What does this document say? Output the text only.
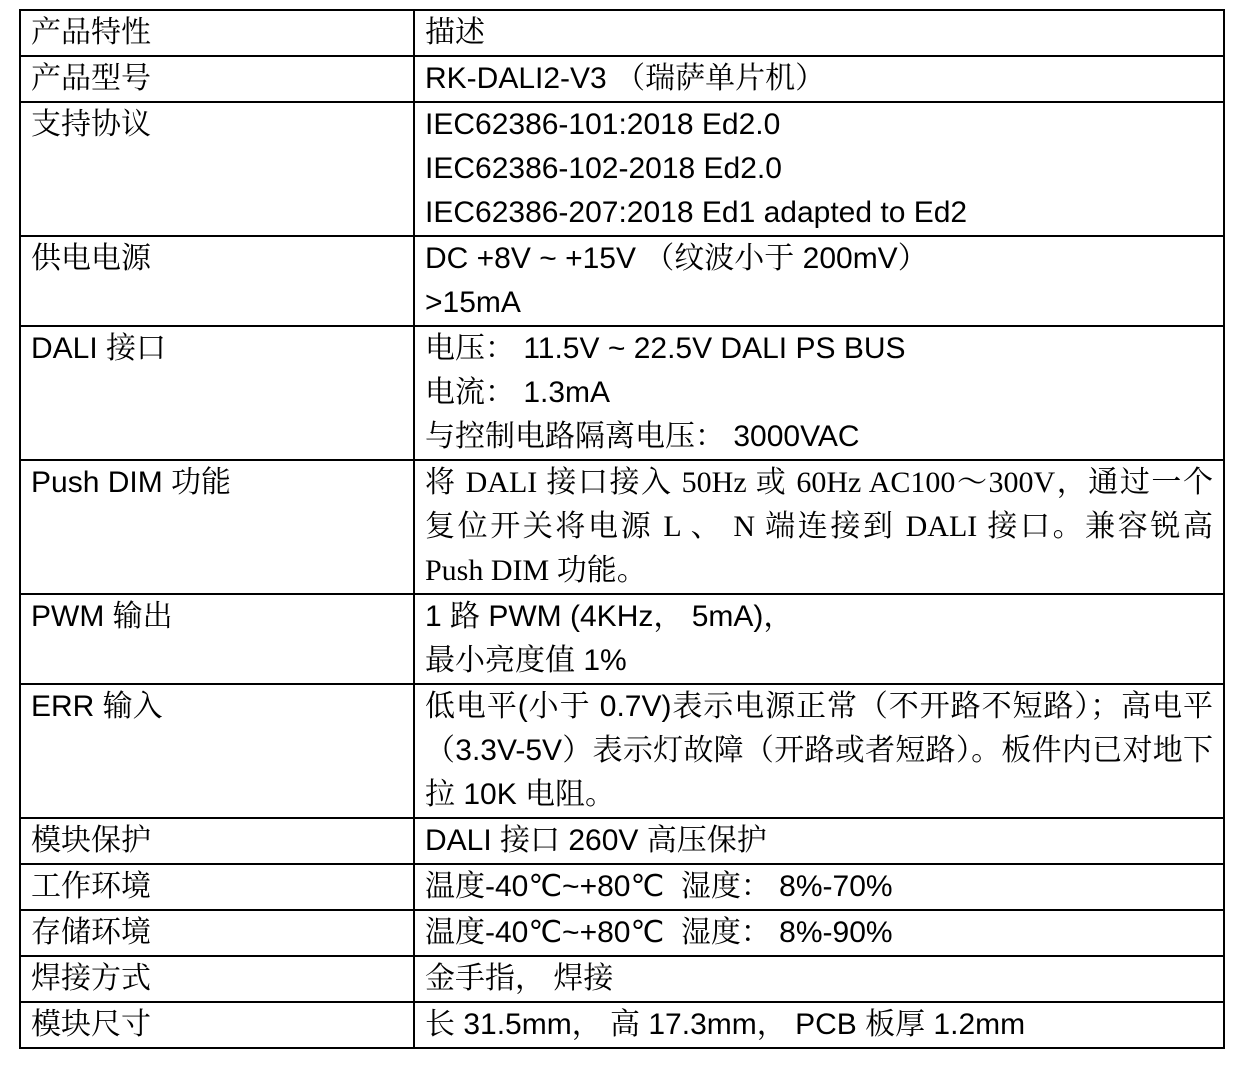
产品特性	描述
产品型号	RK-DALI2-V3 （瑞萨单片机）

支持协议	IEC62386-101:2018 Ed2.0
IEC62386-102-2018 Ed2.0
IEC62386-207:2018 Ed1 adapted to Ed2

供电电源	DC +8V ~ +15V （纹波小于 200mV）
>15mA

DALI 接口	电压： 11.5V ~ 22.5V DALI PS BUS
电流： 1.3mA
与控制电路隔离电压： 3000VAC

Push DIM 功能	将 DALI 接口接入 50Hz 或 60Hz AC100～300V，通过一个复位开关将电源 L 、 N 端连接到 DALI 接口。兼容锐高 Push DIM 功能。

PWM 输出	1 路 PWM (4KHz， 5mA)，
最小亮度值 1%

ERR 输入	低电平(小于 0.7V)表示电源正常（不开路不短路）；高电平（3.3V-5V）表示灯故障（开路或者短路）。板件内已对地下拉 10K 电阻。

模块保护	DALI 接口 260V 高压保护

工作环境	温度-40℃~+80℃  湿度： 8%-70%

存储环境	温度-40℃~+80℃  湿度： 8%-90%

焊接方式	金手指， 焊接

模块尺寸	长 31.5mm， 高 17.3mm， PCB 板厚 1.2mm
